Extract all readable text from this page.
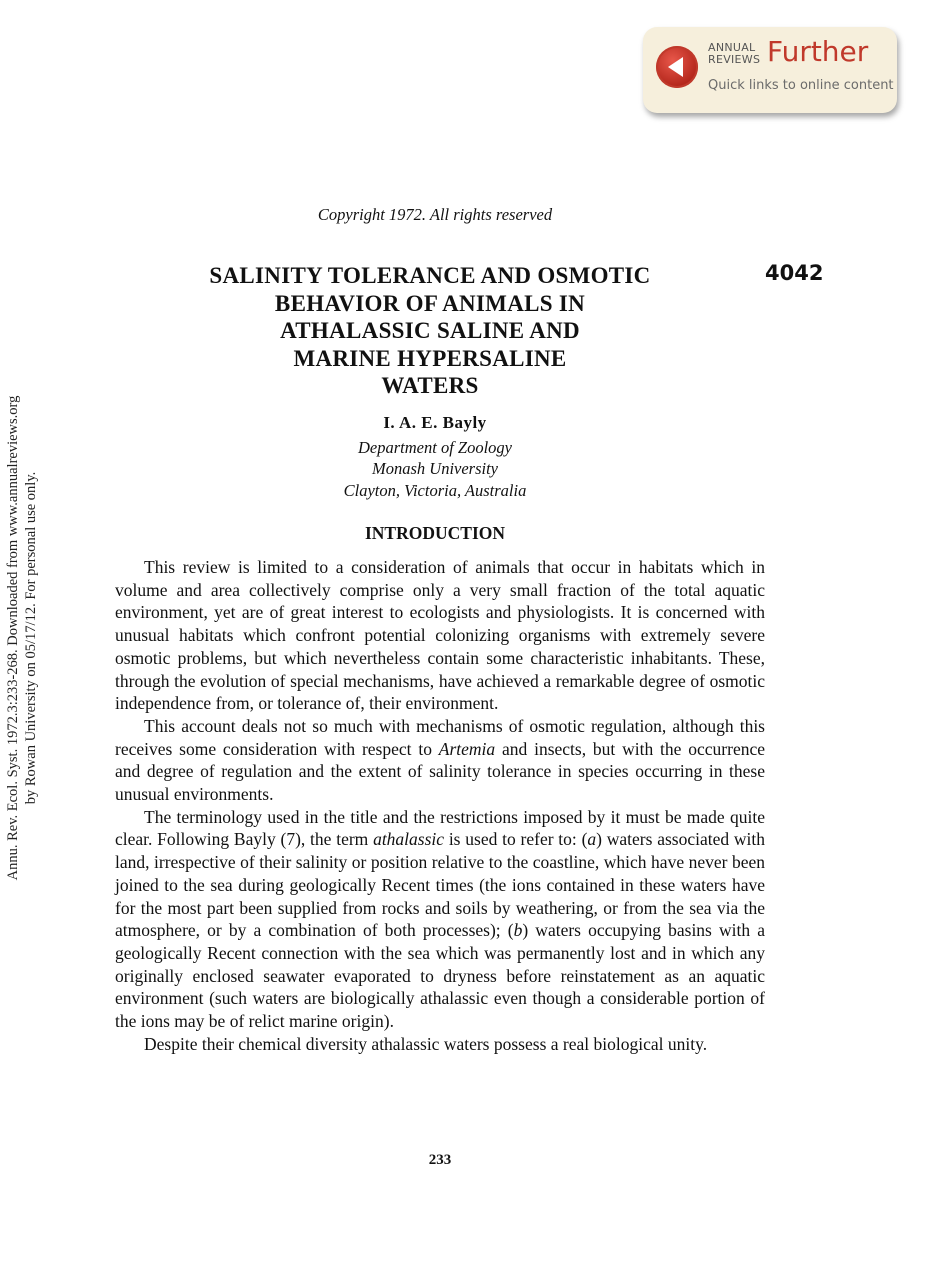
ANNUAL
REVIEWS Further
Quick links to online content
Annu. Rev. Ecol. Syst. 1972.3:233-268. Downloaded from www.annualreviews.org by Rowan University on 05/17/12. For personal use only.
Copyright 1972. All rights reserved
4042
SALINITY TOLERANCE AND OSMOTIC
BEHAVIOR OF ANIMALS IN
ATHALASSIC SALINE AND
MARINE HYPERSALINE
WATERS
I. A. E. Bayly
Department of Zoology
Monash University
Clayton, Victoria, Australia
INTRODUCTION

This review is limited to a consideration of animals that occur in habitats which in volume and area collectively comprise only a very small fraction of the total aquatic environment, yet are of great interest to ecologists and physiologists. It is concerned with unusual habitats which confront potential colonizing organisms with extremely severe osmotic problems, but which nevertheless contain some characteristic inhabitants. These, through the evolution of special mechanisms, have achieved a remarkable degree of osmotic independence from, or tolerance of, their environment.

This account deals not so much with mechanisms of osmotic regulation, although this receives some consideration with respect to Artemia and insects, but with the occurrence and degree of regulation and the extent of salinity tolerance in species occurring in these unusual environments.

The terminology used in the title and the restrictions imposed by it must be made quite clear. Following Bayly (7), the term athalassic is used to refer to: (a) waters associated with land, irrespective of their salinity or position relative to the coastline, which have never been joined to the sea during geologically Recent times (the ions contained in these waters have for the most part been supplied from rocks and soils by weathering, or from the sea via the atmosphere, or by a combination of both processes); (b) waters occupying basins with a geologically Recent connection with the sea which was permanently lost and in which any originally enclosed seawater evaporated to dryness before reinstatement as an aquatic environment (such waters are biologically athalassic even though a considerable portion of the ions may be of relict marine origin).

Despite their chemical diversity athalassic waters possess a real biological unity.

233
